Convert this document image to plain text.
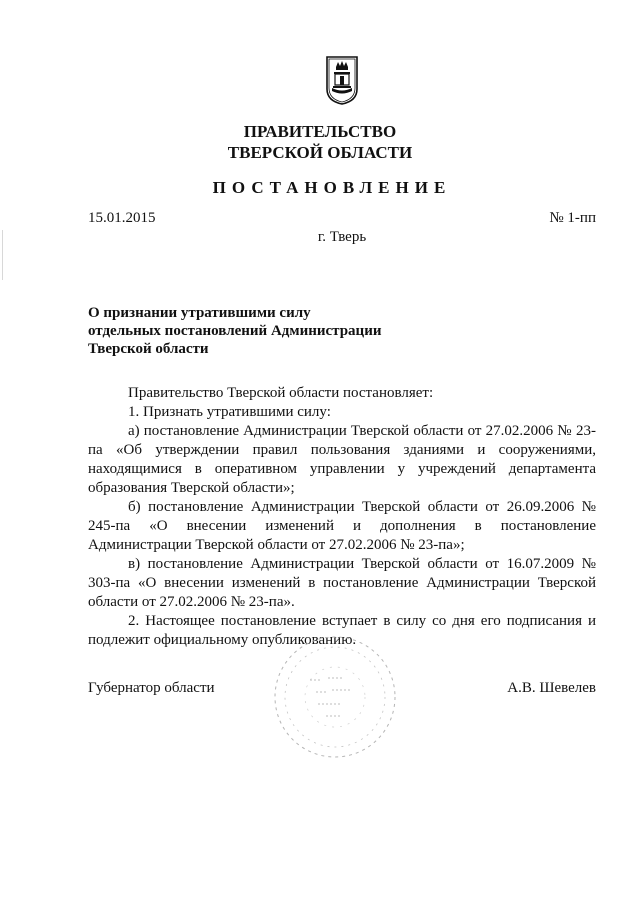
ПРАВИТЕЛЬСТВО
ТВЕРСКОЙ ОБЛАСТИ
ПОСТАНОВЛЕНИЕ
15.01.2015	№ 1-пп
г. Тверь
О признании утратившими силу
отдельных постановлений Администрации
Тверской области

Правительство Тверской области постановляет:

1. Признать утратившими силу:

а) постановление Администрации Тверской области от 27.02.2006 № 23-па «Об утверждении правил пользования зданиями и сооружениями, находящимися в оперативном управлении у учреждений департамента образования Тверской области»;

б) постановление Администрации Тверской области от 26.09.2006 № 245-па «О внесении изменений и дополнения в постановление Администрации Тверской области от 27.02.2006 № 23-па»;

в) постановление Администрации Тверской области от 16.07.2009 № 303-па «О внесении изменений в постановление Администрации Тверской области от 27.02.2006 № 23-па».

2. Настоящее постановление вступает в силу со дня его подписания и подлежит официальному опубликованию.

Губернатор области	А.В. Шевелев
